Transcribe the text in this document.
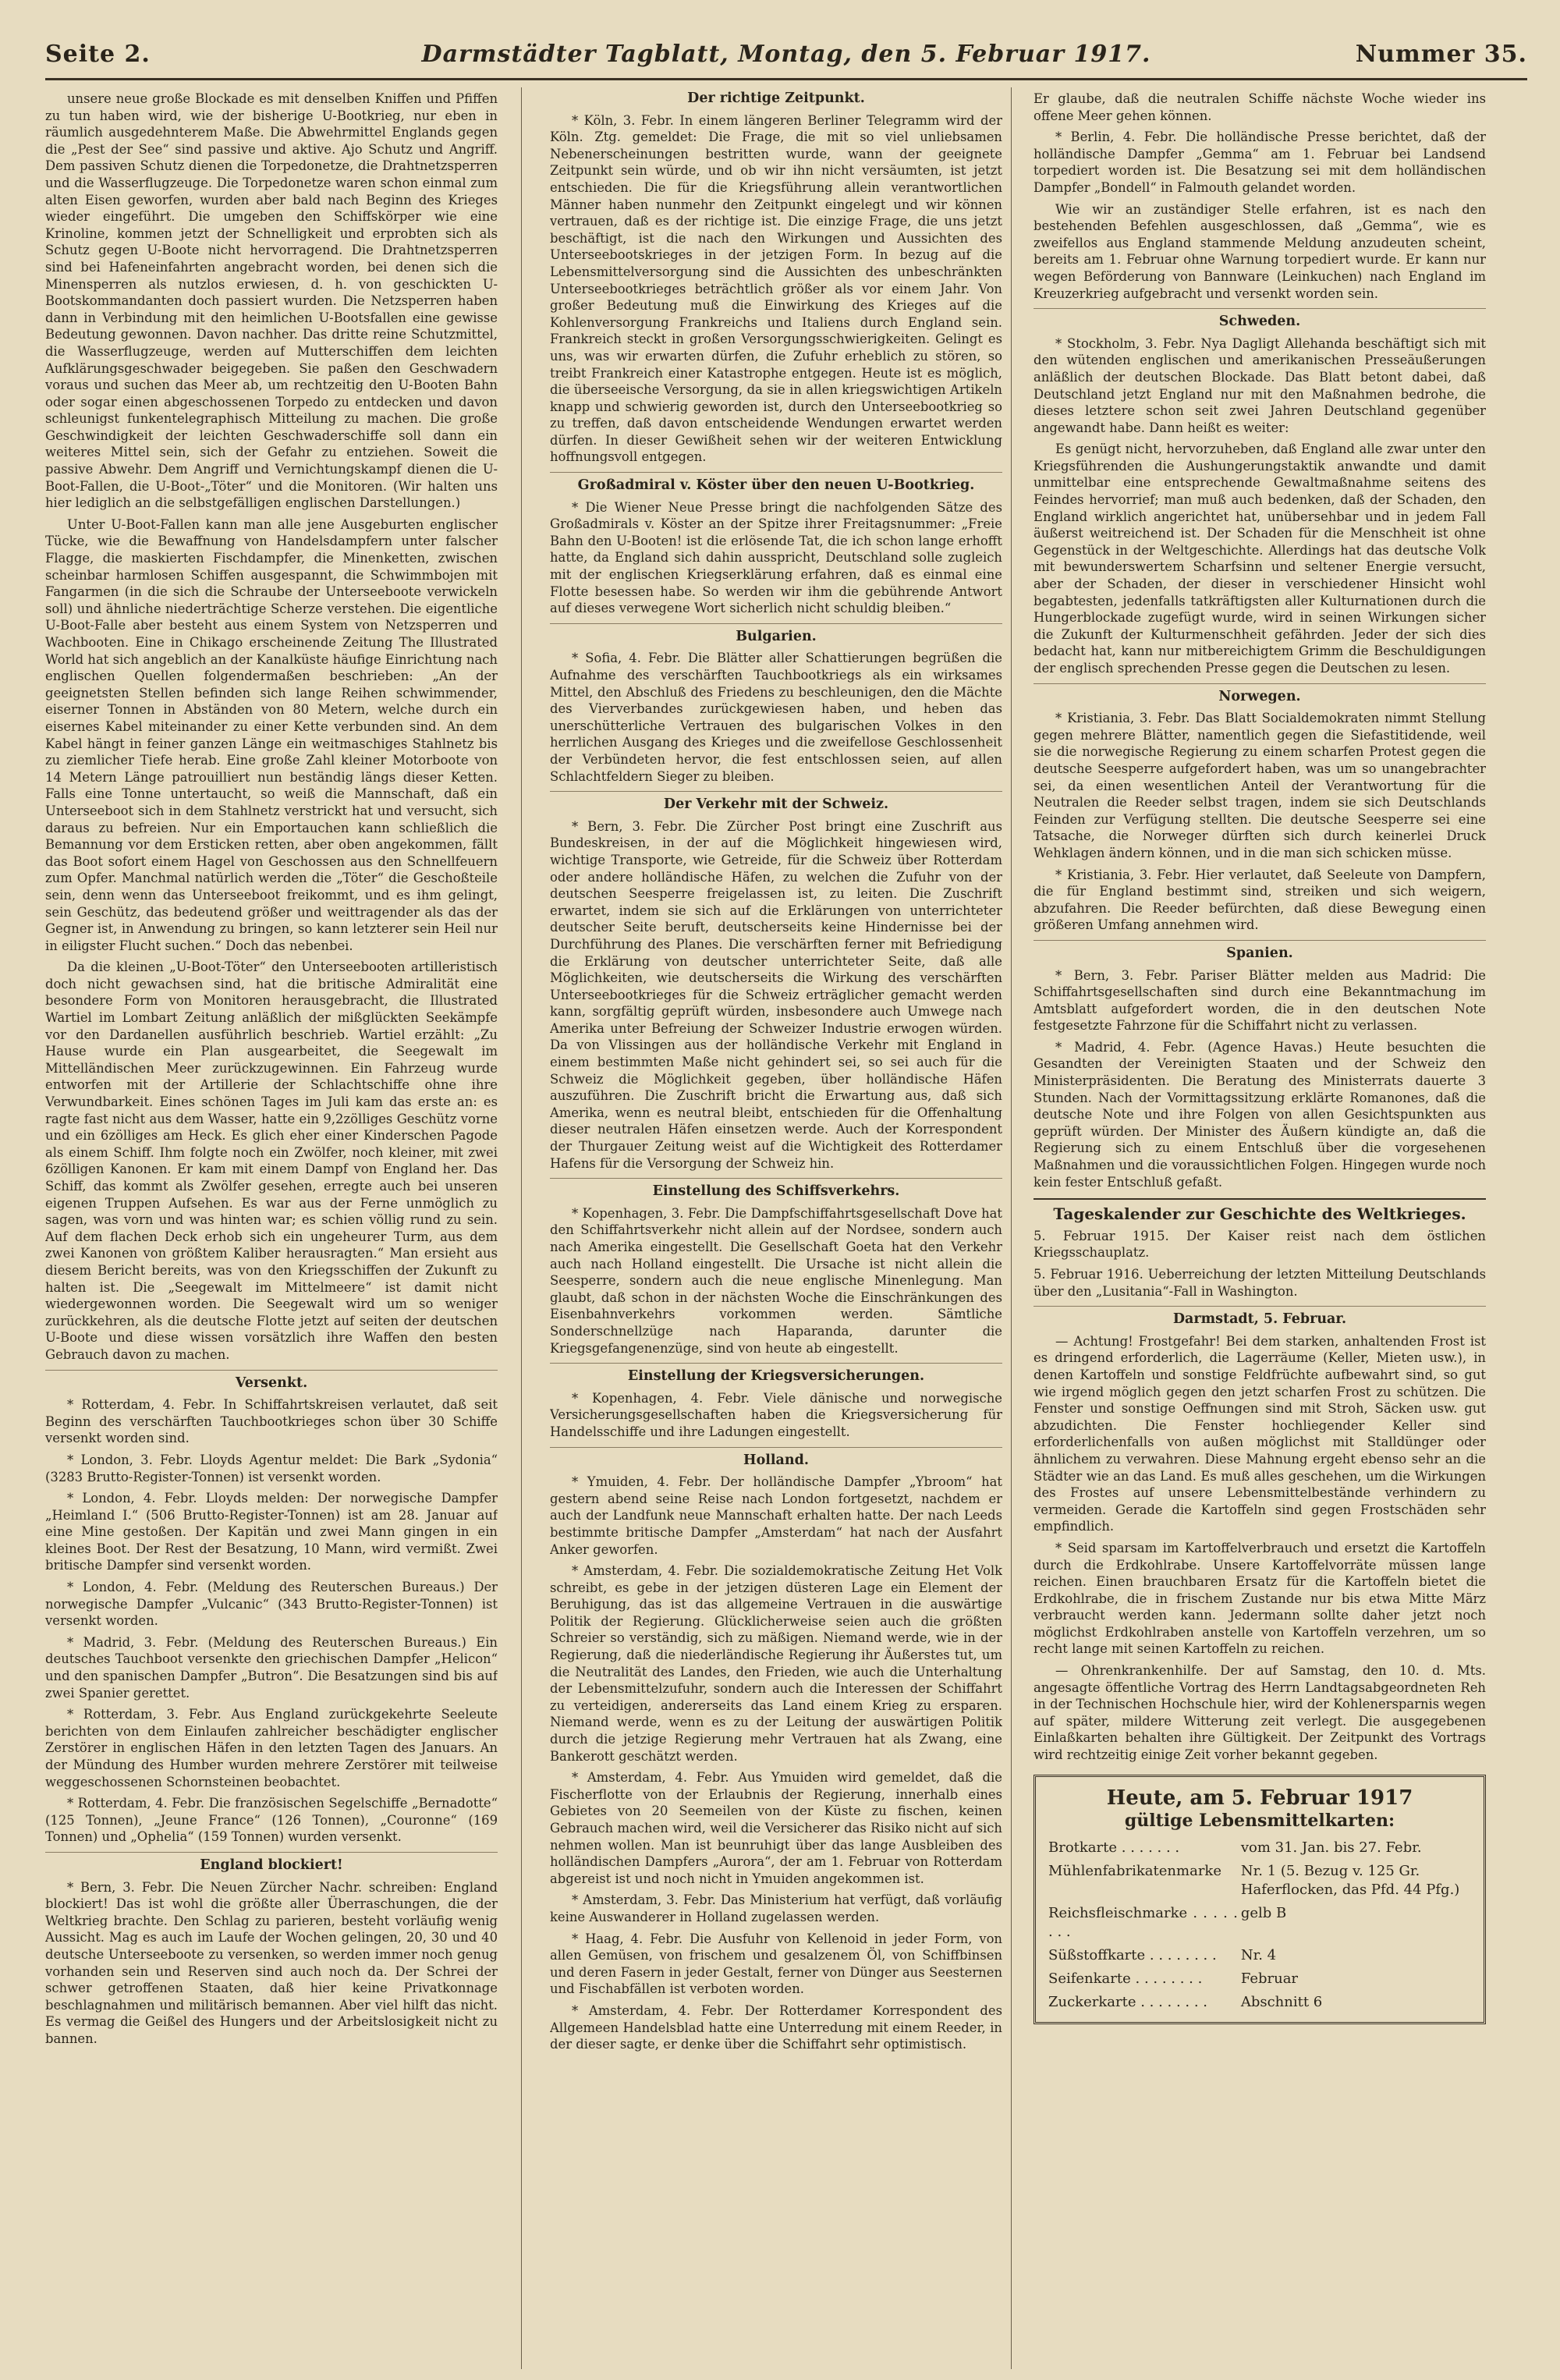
Seite 2.	Darmstädter Tagblatt, Montag, den 5. Februar 1917.	Nummer 35.

unsere neue große Blockade es mit denselben Kniffen und Pfiffen zu tun haben wird, wie der bisherige U-Bootkrieg, nur eben in räumlich ausgedehnterem Maße. Die Abwehrmittel Englands gegen die „Pest der See“ sind passive und aktive. Ajo Schutz und Angriff. Dem passiven Schutz dienen die Torpedonetze, die Drahtnetzsperren und die Wasserflugzeuge. Die Torpedonetze waren schon einmal zum alten Eisen geworfen, wurden aber bald nach Beginn des Krieges wieder eingeführt. Die umgeben den Schiffskörper wie eine Krinoline, kommen jetzt der Schnelligkeit und erprobten sich als Schutz gegen U-Boote nicht hervorragend. Die Drahtnetzsperren sind bei Hafeneinfahrten angebracht worden, bei denen sich die Minensperren als nutzlos erwiesen, d. h. von geschickten U-Bootskommandanten doch passiert wurden. Die Netzsperren haben dann in Verbindung mit den heimlichen U-Bootsfallen eine gewisse Bedeutung gewonnen. Davon nachher. Das dritte reine Schutzmittel, die Wasserflugzeuge, werden auf Mutterschiffen dem leichten Aufklärungsgeschwader beigegeben. Sie paßen den Geschwadern voraus und suchen das Meer ab, um rechtzeitig den U-Booten Bahn oder sogar einen abgeschossenen Torpedo zu entdecken und davon schleunigst funkentelegraphisch Mitteilung zu machen. Die große Geschwindigkeit der leichten Geschwaderschiffe soll dann ein weiteres Mittel sein, sich der Gefahr zu entziehen. Soweit die passive Abwehr. Dem Angriff und Vernichtungskampf dienen die U-Boot-Fallen, die U-Boot-„Töter“ und die Monitoren. (Wir halten uns hier lediglich an die selbstgefälligen englischen Darstellungen.)

Unter U-Boot-Fallen kann man alle jene Ausgeburten englischer Tücke, wie die Bewaffnung von Handelsdampfern unter falscher Flagge, die maskierten Fischdampfer, die Minenketten, zwischen scheinbar harmlosen Schiffen ausgespannt, die Schwimmbojen mit Fangarmen (in die sich die Schraube der Unterseeboote verwickeln soll) und ähnliche niederträchtige Scherze verstehen. Die eigentliche U-Boot-Falle aber besteht aus einem System von Netzsperren und Wachbooten. Eine in Chikago erscheinende Zeitung The Illustrated World hat sich angeblich an der Kanalküste häufige Einrichtung nach englischen Quellen folgendermaßen beschrieben: „An der geeignetsten Stellen befinden sich lange Reihen schwimmender, eiserner Tonnen in Abständen von 80 Metern, welche durch ein eisernes Kabel miteinander zu einer Kette verbunden sind. An dem Kabel hängt in feiner ganzen Länge ein weitmaschiges Stahlnetz bis zu ziemlicher Tiefe herab. Eine große Zahl kleiner Motorboote von 14 Metern Länge patrouilliert nun beständig längs dieser Ketten. Falls eine Tonne untertaucht, so weiß die Mannschaft, daß ein Unterseeboot sich in dem Stahlnetz verstrickt hat und versucht, sich daraus zu befreien. Nur ein Emportauchen kann schließlich die Bemannung vor dem Ersticken retten, aber oben angekommen, fällt das Boot sofort einem Hagel von Geschossen aus den Schnellfeuern zum Opfer. Manchmal natürlich werden die „Töter“ die Geschoßteile sein, denn wenn das Unterseeboot freikommt, und es ihm gelingt, sein Geschütz, das bedeutend größer und weittragender als das der Gegner ist, in Anwendung zu bringen, so kann letzterer sein Heil nur in eiligster Flucht suchen.“ Doch das nebenbei.

Da die kleinen „U-Boot-Töter“ den Unterseebooten artilleristisch doch nicht gewachsen sind, hat die britische Admiralität eine besondere Form von Monitoren herausgebracht, die Illustrated Wartiel im Lombart Zeitung anläßlich der mißglückten Seekämpfe vor den Dardanellen ausführlich beschrieb. Wartiel erzählt: „Zu Hause wurde ein Plan ausgearbeitet, die Seegewalt im Mittelländischen Meer zurückzugewinnen. Ein Fahrzeug wurde entworfen mit der Artillerie der Schlachtschiffe ohne ihre Verwundbarkeit. Eines schönen Tages im Juli kam das erste an: es ragte fast nicht aus dem Wasser, hatte ein 9,2zölliges Geschütz vorne und ein 6zölliges am Heck. Es glich eher einer Kinderschen Pagode als einem Schiff. Ihm folgte noch ein Zwölfer, noch kleiner, mit zwei 6zölligen Kanonen. Er kam mit einem Dampf von England her. Das Schiff, das kommt als Zwölfer gesehen, erregte auch bei unseren eigenen Truppen Aufsehen. Es war aus der Ferne unmöglich zu sagen, was vorn und was hinten war; es schien völlig rund zu sein. Auf dem flachen Deck erhob sich ein ungeheurer Turm, aus dem zwei Kanonen von größtem Kaliber herausragten.“ Man ersieht aus diesem Bericht bereits, was von den Kriegsschiffen der Zukunft zu halten ist. Die „Seegewalt im Mittelmeere“ ist damit nicht wiedergewonnen worden. Die Seegewalt wird um so weniger zurückkehren, als die deutsche Flotte jetzt auf seiten der deutschen U-Boote und diese wissen vorsätzlich ihre Waffen den besten Gebrauch davon zu machen.

Versenkt.

* Rotterdam, 4. Febr. In Schiffahrtskreisen verlautet, daß seit Beginn des verschärften Tauchbootkrieges schon über 30 Schiffe versenkt worden sind.

* London, 3. Febr. Lloyds Agentur meldet: Die Bark „Sydonia“ (3283 Brutto-Register-Tonnen) ist versenkt worden.

* London, 4. Febr. Lloyds melden: Der norwegische Dampfer „Heimland I.“ (506 Brutto-Register-Tonnen) ist am 28. Januar auf eine Mine gestoßen. Der Kapitän und zwei Mann gingen in ein kleines Boot. Der Rest der Besatzung, 10 Mann, wird vermißt. Zwei britische Dampfer sind versenkt worden.

* London, 4. Febr. (Meldung des Reuterschen Bureaus.) Der norwegische Dampfer „Vulcanic“ (343 Brutto-Register-Tonnen) ist versenkt worden.

* Madrid, 3. Febr. (Meldung des Reuterschen Bureaus.) Ein deutsches Tauchboot versenkte den griechischen Dampfer „Helicon“ und den spanischen Dampfer „Butron“. Die Besatzungen sind bis auf zwei Spanier gerettet.

* Rotterdam, 3. Febr. Aus England zurückgekehrte Seeleute berichten von dem Einlaufen zahlreicher beschädigter englischer Zerstörer in englischen Häfen in den letzten Tagen des Januars. An der Mündung des Humber wurden mehrere Zerstörer mit teilweise weggeschossenen Schornsteinen beobachtet.

* Rotterdam, 4. Febr. Die französischen Segelschiffe „Bernadotte“ (125 Tonnen), „Jeune France“ (126 Tonnen), „Couronne“ (169 Tonnen) und „Ophelia“ (159 Tonnen) wurden versenkt.

England blockiert!

* Bern, 3. Febr. Die Neuen Zürcher Nachr. schreiben: England blockiert! Das ist wohl die größte aller Überraschungen, die der Weltkrieg brachte. Den Schlag zu parieren, besteht vorläufig wenig Aussicht. Mag es auch im Laufe der Wochen gelingen, 20, 30 und 40 deutsche Unterseeboote zu versenken, so werden immer noch genug vorhanden sein und Reserven sind auch noch da. Der Schrei der schwer getroffenen Staaten, daß hier keine Privatkonnage beschlagnahmen und militärisch bemannen. Aber viel hilft das nicht. Es vermag die Geißel des Hungers und der Arbeitslosigkeit nicht zu bannen.

Der richtige Zeitpunkt.

* Köln, 3. Febr. In einem längeren Berliner Telegramm wird der Köln. Ztg. gemeldet: Die Frage, die mit so viel unliebsamen Nebenerscheinungen bestritten wurde, wann der geeignete Zeitpunkt sein würde, und ob wir ihn nicht versäumten, ist jetzt entschieden. Die für die Kriegsführung allein verantwortlichen Männer haben nunmehr den Zeitpunkt eingelegt und wir können vertrauen, daß es der richtige ist. Die einzige Frage, die uns jetzt beschäftigt, ist die nach den Wirkungen und Aussichten des Unterseebootskrieges in der jetzigen Form. In bezug auf die Lebensmittelversorgung sind die Aussichten des unbeschränkten Unterseebootkrieges beträchtlich größer als vor einem Jahr. Von großer Bedeutung muß die Einwirkung des Krieges auf die Kohlenversorgung Frankreichs und Italiens durch England sein. Frankreich steckt in großen Versorgungsschwierigkeiten. Gelingt es uns, was wir erwarten dürfen, die Zufuhr erheblich zu stören, so treibt Frankreich einer Katastrophe entgegen. Heute ist es möglich, die überseeische Versorgung, da sie in allen kriegswichtigen Artikeln knapp und schwierig geworden ist, durch den Unterseebootkrieg so zu treffen, daß davon entscheidende Wendungen erwartet werden dürfen. In dieser Gewißheit sehen wir der weiteren Entwicklung hoffnungsvoll entgegen.

Großadmiral v. Köster über den neuen U-Bootkrieg.

* Die Wiener Neue Presse bringt die nachfolgenden Sätze des Großadmirals v. Köster an der Spitze ihrer Freitagsnummer: „Freie Bahn den U-Booten! ist die erlösende Tat, die ich schon lange erhofft hatte, da England sich dahin ausspricht, Deutschland solle zugleich mit der englischen Kriegserklärung erfahren, daß es einmal eine Flotte besessen habe. So werden wir ihm die gebührende Antwort auf dieses verwegene Wort sicherlich nicht schuldig bleiben.“

Bulgarien.

* Sofia, 4. Febr. Die Blätter aller Schattierungen begrüßen die Aufnahme des verschärften Tauchbootkriegs als ein wirksames Mittel, den Abschluß des Friedens zu beschleunigen, den die Mächte des Vierverbandes zurückgewiesen haben, und heben das unerschütterliche Vertrauen des bulgarischen Volkes in den herrlichen Ausgang des Krieges und die zweifellose Geschlossenheit der Verbündeten hervor, die fest entschlossen seien, auf allen Schlachtfeldern Sieger zu bleiben.

Der Verkehr mit der Schweiz.

* Bern, 3. Febr. Die Zürcher Post bringt eine Zuschrift aus Bundeskreisen, in der auf die Möglichkeit hingewiesen wird, wichtige Transporte, wie Getreide, für die Schweiz über Rotterdam oder andere holländische Häfen, zu welchen die Zufuhr von der deutschen Seesperre freigelassen ist, zu leiten. Die Zuschrift erwartet, indem sie sich auf die Erklärungen von unterrichteter deutscher Seite beruft, deutscherseits keine Hindernisse bei der Durchführung des Planes. Die verschärften ferner mit Befriedigung die Erklärung von deutscher unterrichteter Seite, daß alle Möglichkeiten, wie deutscherseits die Wirkung des verschärften Unterseebootkrieges für die Schweiz erträglicher gemacht werden kann, sorgfältig geprüft würden, insbesondere auch Umwege nach Amerika unter Befreiung der Schweizer Industrie erwogen würden. Da von Vlissingen aus der holländische Verkehr mit England in einem bestimmten Maße nicht gehindert sei, so sei auch für die Schweiz die Möglichkeit gegeben, über holländische Häfen auszuführen. Die Zuschrift bricht die Erwartung aus, daß sich Amerika, wenn es neutral bleibt, entschieden für die Offenhaltung dieser neutralen Häfen einsetzen werde. Auch der Korrespondent der Thurgauer Zeitung weist auf die Wichtigkeit des Rotterdamer Hafens für die Versorgung der Schweiz hin.

Einstellung des Schiffsverkehrs.

* Kopenhagen, 3. Febr. Die Dampfschiffahrtsgesellschaft Dove hat den Schiffahrtsverkehr nicht allein auf der Nordsee, sondern auch nach Amerika eingestellt. Die Gesellschaft Goeta hat den Verkehr auch nach Holland eingestellt. Die Ursache ist nicht allein die Seesperre, sondern auch die neue englische Minenlegung. Man glaubt, daß schon in der nächsten Woche die Einschränkungen des Eisenbahnverkehrs vorkommen werden. Sämtliche Sonderschnellzüge nach Haparanda, darunter die Kriegsgefangenenzüge, sind von heute ab eingestellt.

Einstellung der Kriegsversicherungen.

* Kopenhagen, 4. Febr. Viele dänische und norwegische Versicherungsgesellschaften haben die Kriegsversicherung für Handelsschiffe und ihre Ladungen eingestellt.

Holland.

* Ymuiden, 4. Febr. Der holländische Dampfer „Ybroom“ hat gestern abend seine Reise nach London fortgesetzt, nachdem er auch der Landfunk neue Mannschaft erhalten hatte. Der nach Leeds bestimmte britische Dampfer „Amsterdam“ hat nach der Ausfahrt Anker geworfen.

* Amsterdam, 4. Febr. Die sozialdemokratische Zeitung Het Volk schreibt, es gebe in der jetzigen düsteren Lage ein Element der Beruhigung, das ist das allgemeine Vertrauen in die auswärtige Politik der Regierung. Glücklicherweise seien auch die größten Schreier so verständig, sich zu mäßigen. Niemand werde, wie in der Regierung, daß die niederländische Regierung ihr Äußerstes tut, um die Neutralität des Landes, den Frieden, wie auch die Unterhaltung der Lebensmittelzufuhr, sondern auch die Interessen der Schiffahrt zu verteidigen, andererseits das Land einem Krieg zu ersparen. Niemand werde, wenn es zu der Leitung der auswärtigen Politik durch die jetzige Regierung mehr Vertrauen hat als Zwang, eine Bankerott geschätzt werden.

* Amsterdam, 4. Febr. Aus Ymuiden wird gemeldet, daß die Fischerflotte von der Erlaubnis der Regierung, innerhalb eines Gebietes von 20 Seemeilen von der Küste zu fischen, keinen Gebrauch machen wird, weil die Versicherer das Risiko nicht auf sich nehmen wollen. Man ist beunruhigt über das lange Ausbleiben des holländischen Dampfers „Aurora“, der am 1. Februar von Rotterdam abgereist ist und noch nicht in Ymuiden angekommen ist.

* Amsterdam, 3. Febr. Das Ministerium hat verfügt, daß vorläufig keine Auswanderer in Holland zugelassen werden.

* Haag, 4. Febr. Die Ausfuhr von Kellenoid in jeder Form, von allen Gemüsen, von frischem und gesalzenem Öl, von Schiffbinsen und deren Fasern in jeder Gestalt, ferner von Dünger aus Seesternen und Fischabfällen ist verboten worden.

* Amsterdam, 4. Febr. Der Rotterdamer Korrespondent des Allgemeen Handelsblad hatte eine Unterredung mit einem Reeder, in der dieser sagte, er denke über die Schiffahrt sehr optimistisch.

Er glaube, daß die neutralen Schiffe nächste Woche wieder ins offene Meer gehen können.

* Berlin, 4. Febr. Die holländische Presse berichtet, daß der holländische Dampfer „Gemma“ am 1. Februar bei Landsend torpediert worden ist. Die Besatzung sei mit dem holländischen Dampfer „Bondell“ in Falmouth gelandet worden.

Wie wir an zuständiger Stelle erfahren, ist es nach den bestehenden Befehlen ausgeschlossen, daß „Gemma“, wie es zweifellos aus England stammende Meldung anzudeuten scheint, bereits am 1. Februar ohne Warnung torpediert wurde. Er kann nur wegen Beförderung von Bannware (Leinkuchen) nach England im Kreuzerkrieg aufgebracht und versenkt worden sein.

Schweden.

* Stockholm, 3. Febr. Nya Dagligt Allehanda beschäftigt sich mit den wütenden englischen und amerikanischen Presseäußerungen anläßlich der deutschen Blockade. Das Blatt betont dabei, daß Deutschland jetzt England nur mit den Maßnahmen bedrohe, die dieses letztere schon seit zwei Jahren Deutschland gegenüber angewandt habe. Dann heißt es weiter:

Es genügt nicht, hervorzuheben, daß England alle zwar unter den Kriegsführenden die Aushungerungstaktik anwandte und damit unmittelbar eine entsprechende Gewaltmaßnahme seitens des Feindes hervorrief; man muß auch bedenken, daß der Schaden, den England wirklich angerichtet hat, unübersehbar und in jedem Fall äußerst weitreichend ist. Der Schaden für die Menschheit ist ohne Gegenstück in der Weltgeschichte. Allerdings hat das deutsche Volk mit bewunderswertem Scharfsinn und seltener Energie versucht, aber der Schaden, der dieser in verschiedener Hinsicht wohl begabtesten, jedenfalls tatkräftigsten aller Kulturnationen durch die Hungerblockade zugefügt wurde, wird in seinen Wirkungen sicher die Zukunft der Kulturmenschheit gefährden. Jeder der sich dies bedacht hat, kann nur mitbereichigtem Grimm die Beschuldigungen der englisch sprechenden Presse gegen die Deutschen zu lesen.

Norwegen.

* Kristiania, 3. Febr. Das Blatt Socialdemokraten nimmt Stellung gegen mehrere Blätter, namentlich gegen die Siefastitidende, weil sie die norwegische Regierung zu einem scharfen Protest gegen die deutsche Seesperre aufgefordert haben, was um so unangebrachter sei, da einen wesentlichen Anteil der Verantwortung für die Neutralen die Reeder selbst tragen, indem sie sich Deutschlands Feinden zur Verfügung stellten. Die deutsche Seesperre sei eine Tatsache, die Norweger dürften sich durch keinerlei Druck Wehklagen ändern können, und in die man sich schicken müsse.

* Kristiania, 3. Febr. Hier verlautet, daß Seeleute von Dampfern, die für England bestimmt sind, streiken und sich weigern, abzufahren. Die Reeder befürchten, daß diese Bewegung einen größeren Umfang annehmen wird.

Spanien.

* Bern, 3. Febr. Pariser Blätter melden aus Madrid: Die Schiffahrtsgesellschaften sind durch eine Bekanntmachung im Amtsblatt aufgefordert worden, die in den deutschen Note festgesetzte Fahrzone für die Schiffahrt nicht zu verlassen.

* Madrid, 4. Febr. (Agence Havas.) Heute besuchten die Gesandten der Vereinigten Staaten und der Schweiz den Ministerpräsidenten. Die Beratung des Ministerrats dauerte 3 Stunden. Nach der Vormittagssitzung erklärte Romanones, daß die deutsche Note und ihre Folgen von allen Gesichtspunkten aus geprüft würden. Der Minister des Äußern kündigte an, daß die Regierung sich zu einem Entschluß über die vorgesehenen Maßnahmen und die voraussichtlichen Folgen. Hingegen wurde noch kein fester Entschluß gefaßt.

Tageskalender zur Geschichte des Weltkrieges.

5. Februar 1915. Der Kaiser reist nach dem östlichen Kriegsschauplatz.

5. Februar 1916. Ueberreichung der letzten Mitteilung Deutschlands über den „Lusitania“-Fall in Washington.

Darmstadt, 5. Februar.

— Achtung! Frostgefahr! Bei dem starken, anhaltenden Frost ist es dringend erforderlich, die Lagerräume (Keller, Mieten usw.), in denen Kartoffeln und sonstige Feldfrüchte aufbewahrt sind, so gut wie irgend möglich gegen den jetzt scharfen Frost zu schützen. Die Fenster und sonstige Oeffnungen sind mit Stroh, Säcken usw. gut abzudichten. Die Fenster hochliegender Keller sind erforderlichenfalls von außen möglichst mit Stalldünger oder ähnlichem zu verwahren. Diese Mahnung ergeht ebenso sehr an die Städter wie an das Land. Es muß alles geschehen, um die Wirkungen des Frostes auf unsere Lebensmittelbestände verhindern zu vermeiden. Gerade die Kartoffeln sind gegen Frostschäden sehr empfindlich.

* Seid sparsam im Kartoffelverbrauch und ersetzt die Kartoffeln durch die Erdkohlrabe. Unsere Kartoffelvorräte müssen lange reichen. Einen brauchbaren Ersatz für die Kartoffeln bietet die Erdkohlrabe, die in frischem Zustande nur bis etwa Mitte März verbraucht werden kann. Jedermann sollte daher jetzt noch möglichst Erdkohlraben anstelle von Kartoffeln verzehren, um so recht lange mit seinen Kartoffeln zu reichen.

— Ohrenkrankenhilfe. Der auf Samstag, den 10. d. Mts. angesagte öffentliche Vortrag des Herrn Landtagsabgeordneten Reh in der Technischen Hochschule hier, wird der Kohlenersparnis wegen auf später, mildere Witterung zeit verlegt. Die ausgegebenen Einlaßkarten behalten ihre Gültigkeit. Der Zeitpunkt des Vortrags wird rechtzeitig einige Zeit vorher bekannt gegeben.

Heute, am 5. Februar 1917
gültige Lebensmittelkarten:
Brotkarte . . . . . . .	vom 31. Jan. bis 27. Febr.
Mühlenfabrikatenmarke	Nr. 1 (5. Bezug v. 125 Gr. Haferflocken, das Pfd. 44 Pfg.)
Reichsfleischmarke . . . . . . . .	gelb B
Süßstoffkarte . . . . . . . .	Nr. 4
Seifenkarte . . . . . . . .	Februar
Zuckerkarte . . . . . . . .	Abschnitt 6
